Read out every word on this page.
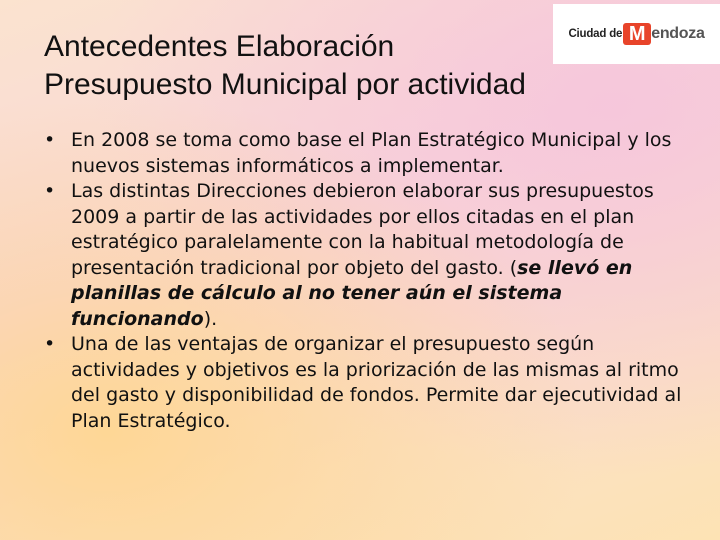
Antecedentes Elaboración
Presupuesto Municipal por actividad
Ciudad de M endoza
• En 2008 se toma como base el Plan Estratégico Municipal y los nuevos sistemas informáticos a implementar.
• Las distintas Direcciones debieron elaborar sus presupuestos 2009 a partir de las actividades por ellos citadas en el plan estratégico paralelamente con la habitual metodología de presentación tradicional por objeto del gasto. (se llevó en planillas de cálculo al no tener aún el sistema funcionando).
• Una de las ventajas de organizar el presupuesto según actividades y objetivos es la priorización de las mismas al ritmo del gasto y disponibilidad de fondos. Permite dar ejecutividad al Plan Estratégico.
